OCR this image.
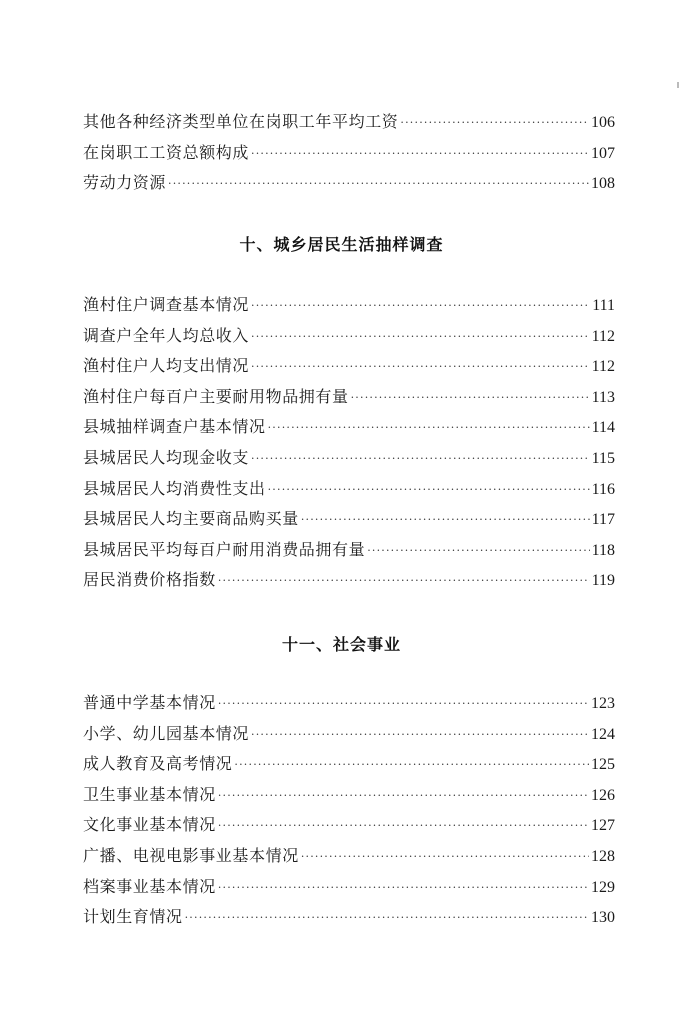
其他各种经济类型单位在岗职工年平均工资 ·····	106
在岗职工工资总额构成 ·····	107
劳动力资源 ·····	108
十、城乡居民生活抽样调查
渔村住户调查基本情况 ·····	111
调查户全年人均总收入 ·····	112
渔村住户人均支出情况 ·····	112
渔村住户每百户主要耐用物品拥有量 ·····	113
县城抽样调查户基本情况 ·····	114
县城居民人均现金收支 ·····	115
县城居民人均消费性支出 ·····	116
县城居民人均主要商品购买量 ·····	117
县城居民平均每百户耐用消费品拥有量 ·····	118
居民消费价格指数 ·····	119
十一、社会事业
普通中学基本情况 ·····	123
小学、幼儿园基本情况 ·····	124
成人教育及高考情况 ·····	125
卫生事业基本情况 ·····	126
文化事业基本情况 ·····	127
广播、电视电影事业基本情况 ·····	128
档案事业基本情况 ·····	129
计划生育情况 ·····	130
